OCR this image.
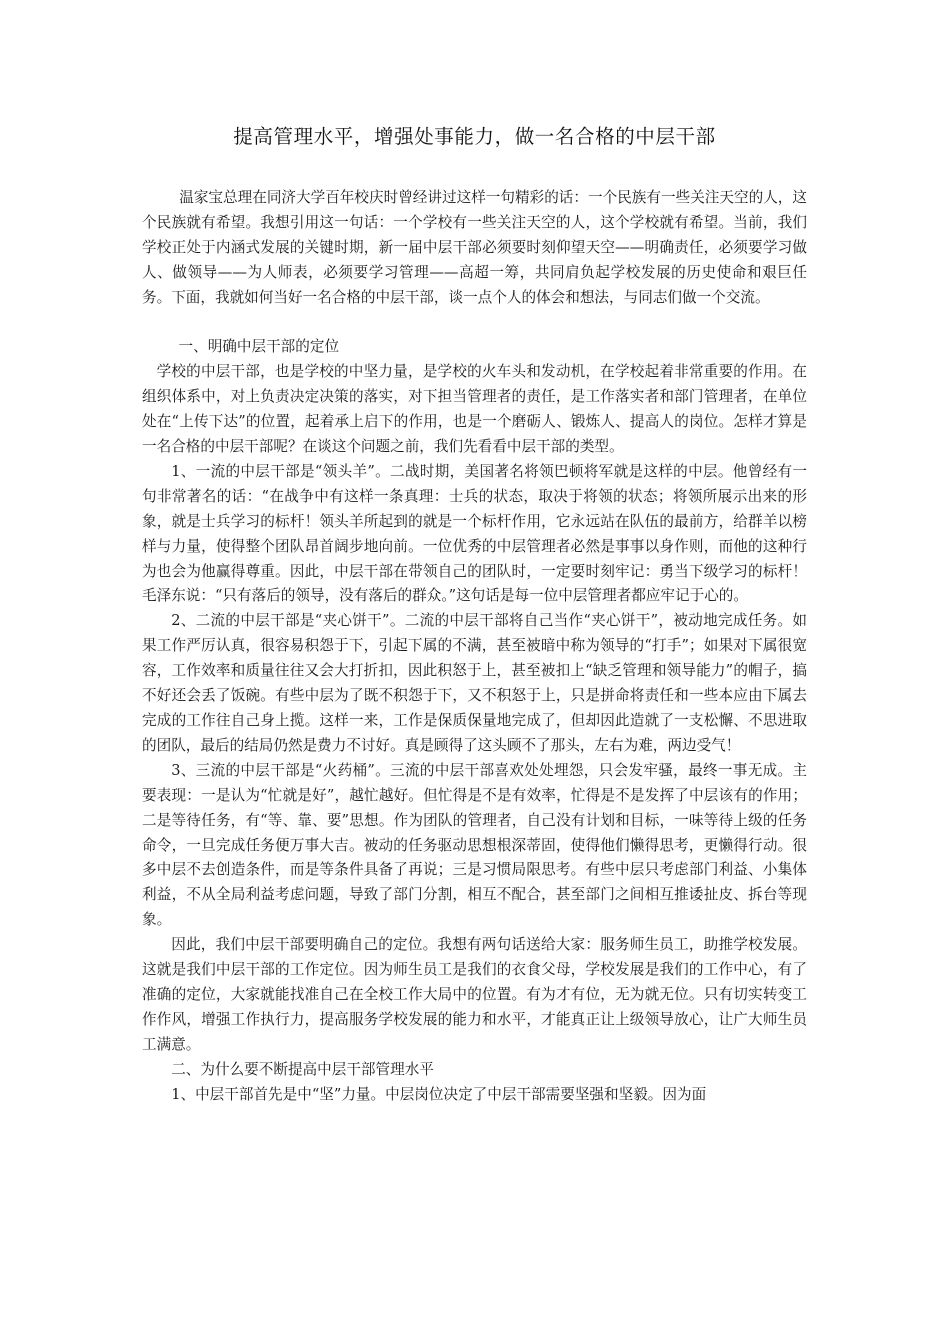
提高管理水平，增强处事能力，做一名合格的中层干部

温家宝总理在同济大学百年校庆时曾经讲过这样一句精彩的话：一个民族有一些关注天空的人，这个民族就有希望。我想引用这一句话：一个学校有一些关注天空的人，这个学校就有希望。当前，我们学校正处于内涵式发展的关键时期，新一届中层干部必须要时刻仰望天空——明确责任，必须要学习做人、做领导——为人师表，必须要学习管理——高超一筹，共同肩负起学校发展的历史使命和艰巨任务。下面，我就如何当好一名合格的中层干部，谈一点个人的体会和想法，与同志们做一个交流。

一、明确中层干部的定位

学校的中层干部，也是学校的中坚力量，是学校的火车头和发动机，在学校起着非常重要的作用。在组织体系中，对上负责决定决策的落实，对下担当管理者的责任，是工作落实者和部门管理者，在单位处在“上传下达”的位置，起着承上启下的作用，也是一个磨砺人、锻炼人、提高人的岗位。怎样才算是一名合格的中层干部呢？在谈这个问题之前，我们先看看中层干部的类型。

1、一流的中层干部是“领头羊”。二战时期，美国著名将领巴顿将军就是这样的中层。他曾经有一句非常著名的话：“在战争中有这样一条真理：士兵的状态，取决于将领的状态；将领所展示出来的形象，就是士兵学习的标杆！领头羊所起到的就是一个标杆作用，它永远站在队伍的最前方，给群羊以榜样与力量，使得整个团队昂首阔步地向前。一位优秀的中层管理者必然是事事以身作则，而他的这种行为也会为他赢得尊重。因此，中层干部在带领自己的团队时，一定要时刻牢记：勇当下级学习的标杆！毛泽东说：“只有落后的领导，没有落后的群众。”这句话是每一位中层管理者都应牢记于心的。

2、二流的中层干部是“夹心饼干”。二流的中层干部将自己当作“夹心饼干”，被动地完成任务。如果工作严厉认真，很容易积怨于下，引起下属的不满，甚至被暗中称为领导的“打手”；如果对下属很宽容，工作效率和质量往往又会大打折扣，因此积怒于上，甚至被扣上“缺乏管理和领导能力”的帽子，搞不好还会丢了饭碗。有些中层为了既不积怨于下，又不积怒于上，只是拼命将责任和一些本应由下属去完成的工作往自己身上揽。这样一来，工作是保质保量地完成了，但却因此造就了一支松懈、不思进取的团队，最后的结局仍然是费力不讨好。真是顾得了这头顾不了那头，左右为难，两边受气！

3、三流的中层干部是“火药桶”。三流的中层干部喜欢处处埋怨，只会发牢骚，最终一事无成。主要表现：一是认为“忙就是好”，越忙越好。但忙得是不是有效率，忙得是不是发挥了中层该有的作用；二是等待任务，有“等、靠、要”思想。作为团队的管理者，自己没有计划和目标，一味等待上级的任务命令，一旦完成任务便万事大吉。被动的任务驱动思想根深蒂固，使得他们懒得思考，更懒得行动。很多中层不去创造条件，而是等条件具备了再说；三是习惯局限思考。有些中层只考虑部门利益、小集体利益，不从全局利益考虑问题，导致了部门分割，相互不配合，甚至部门之间相互推诿扯皮、拆台等现象。

因此，我们中层干部要明确自己的定位。我想有两句话送给大家：服务师生员工，助推学校发展。这就是我们中层干部的工作定位。因为师生员工是我们的衣食父母，学校发展是我们的工作中心，有了准确的定位，大家就能找准自己在全校工作大局中的位置。有为才有位，无为就无位。只有切实转变工作作风，增强工作执行力，提高服务学校发展的能力和水平，才能真正让上级领导放心，让广大师生员工满意。

二、为什么要不断提高中层干部管理水平

1、中层干部首先是中“坚”力量。中层岗位决定了中层干部需要坚强和坚毅。因为面
